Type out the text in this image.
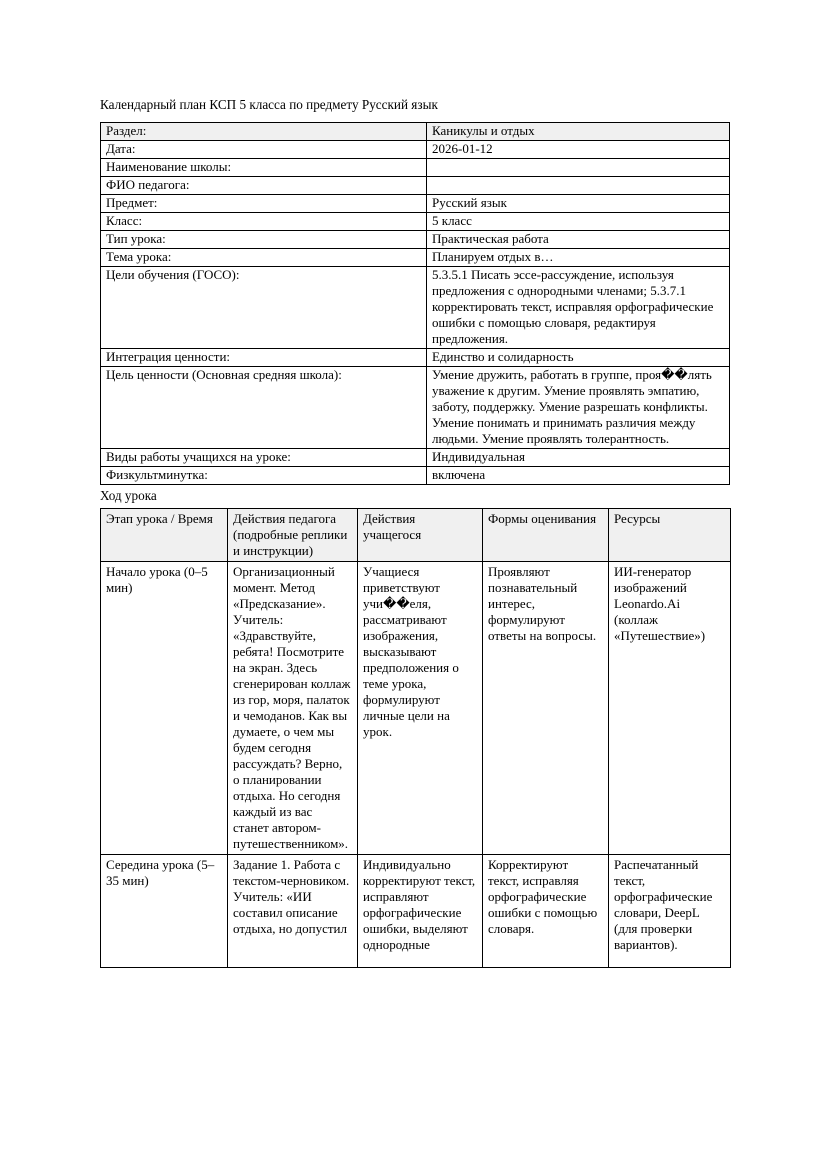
Календарный план КСП 5 класса по предмету Русский язык
Раздел:	Каникулы и отдых
Дата:	2026-01-12
Наименование школы:	
ФИО педагога:	
Предмет:	Русский язык
Класс:	5 класс
Тип урока:	Практическая работа
Тема урока:	Планируем отдых в…
Цели обучения (ГОСО):	5.3.5.1 Писать эссе-рассуждение, используя предложения с однородными членами; 5.3.7.1 корректировать текст, исправляя орфографические ошибки с помощью словаря, редактируя предложения.
Интеграция ценности:	Единство и солидарность
Цель ценности (Основная средняя школа):	Умение дружить, работать в группе, проя��лять уважение к другим. Умение проявлять эмпатию, заботу, поддержку. Умение разрешать конфликты. Умение понимать и принимать различия между людьми. Умение проявлять толерантность.
Виды работы учащихся на уроке:	Индивидуальная
Физкультминутка:	включена
Ход урока
Этап урока / Время	Действия педагога (подробные реплики и инструкции)	Действия учащегося	Формы оценивания	Ресурсы

Начало урока (0–5 мин)	Организационный момент. Метод «Предсказание». Учитель: «Здравствуйте, ребята! Посмотрите на экран. Здесь сгенерирован коллаж из гор, моря, палаток и чемоданов. Как вы думаете, о чем мы будем сегодня рассуждать? Верно, о планировании отдыха. Но сегодня каждый из вас станет автором-путешественником».	Учащиеся приветствуют учи��еля, рассматривают изображения, высказывают предположения о теме урока, формулируют личные цели на урок.	Проявляют познавательный интерес, формулируют ответы на вопросы.	ИИ-генератор изображений Leonardo.Ai (коллаж «Путешествие»)

Середина урока (5–35 мин)	Задание 1. Работа с текстом-черновиком. Учитель: «ИИ составил описание отдыха, но допустил	Индивидуально корректируют текст, исправляют орфографические ошибки, выделяют однородные	Корректируют текст, исправляя орфографические ошибки с помощью словаря.	Распечатанный текст, орфографические словари, DeepL (для проверки вариантов).
